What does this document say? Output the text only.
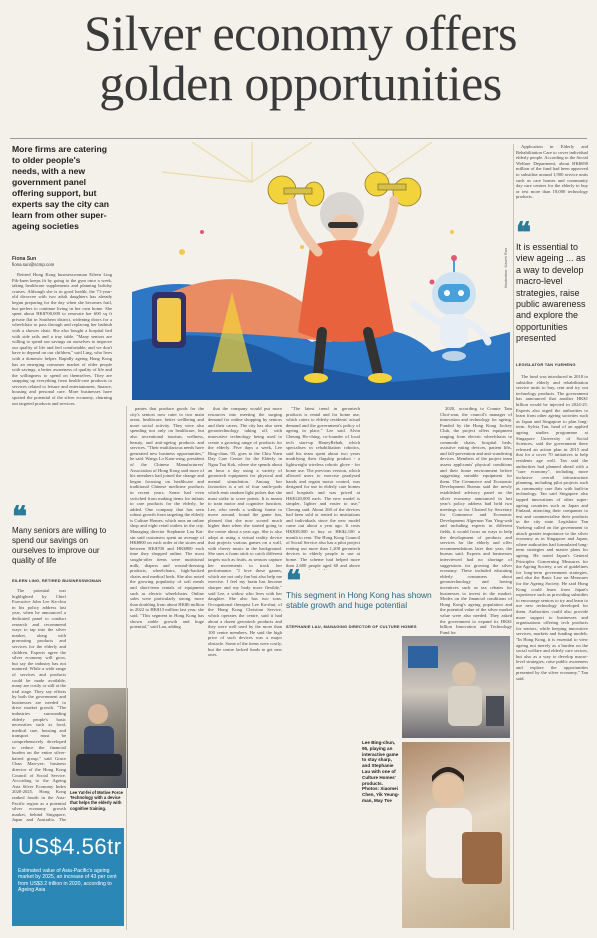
Silver economy offers
golden opportunities
More firms are catering to older people's needs, with a new government panel offering support, but experts say the city can learn from other super-ageing societies
Fiona Sun
fiona.sun@scmp.com

Retired Hong Kong businesswoman Eileen Ling Pik-kuen keeps fit by going to the gym once a week, taking healthcare supplements and planning holiday cruises. Although she is in good health, the 71-year-old divorcee with two adult daughters has already begun preparing for the day when she becomes frail, but prefers to continue living in her own home. She spent about HK$700,000 to renovate her 600 sq ft private flat in Southern district, widening doors for a wheelchair to pass through and replacing her bathtub with a shower chair. She also bought a hospital bed with side rails and a tray table. "Many seniors are willing to spend our savings on ourselves to improve our quality of life and feel comfortable, and we don't have to depend on our children," said Ling, who lives with a domestic helper. Rapidly ageing Hong Kong has an emerging consumer market of older people with savings, a better awareness of quality of life and the willingness to spend on themselves. They are snapping up everything from health-care products to services related to leisure and entertainment, finance, housing and personal care. More businesses have spotted the potential of the silver economy, churning out targeted products and services.

Illustration: Kaveh Rao

Application in Elderly and Rehabilitation Care to cover individual elderly people. According to the Social Welfare Department, about HK$690 million of the fund had been approved to subsidise around 1,900 service units such as care homes and community day care centres for the elderly to buy or test more than 18,000 technology products.

❝
It is essential to view ageing ... as a way to develop macro-level strategies, raise public awareness and explore the opportunities presented
LEGISLATOR TAN YUEHENG

The fund was introduced in 2018 to subsidise elderly and rehabilitation service units to buy, rent and try out technology products. The government has announced that another HK$1 billion would be injected in 2024-25. Experts also urged the authorities to learn from other ageing societies such as Japan and Singapore to plan long-term. Sylvia Tan, head of an applied ageing studies programme at Singapore University of Social Sciences, said the government there released an action plan in 2015 and that for a cover 70 initiatives to help residents age well. Tan said the authorities had planned ahead with a "care economy", including more inclusive overall infrastructure planning, including pilot projects such as community care flats with built-in technology. Tan said Singapore also tapped innovations of other super-ageing countries such as Japan and Finland, attracting their companies to test and commercialise their products in the city state. Legislator Tan Yueheng called on the government to attach greater importance to the silver economy as in Singapore and Japan, where authorities had formulated long-term strategies and master plans for ageing. He noted Japan's General Principles Concerning Measures for the Ageing Society, a set of guidelines for long-term government strategies, and also the Basic Law on Measures for the Ageing Society. He said Hong Kong could learn from Japan's experience such as providing subsidies to encourage seniors to try and learn to use new technology developed for them. Authorities could also provide more support to businesses and organisations offering tech products for seniors, while keeping innovative services, markets and funding models. "In Hong Kong, it is essential to view ageing not merely as a burden on the social welfare and elderly care sectors, but also as a way to develop macro-level strategies, raise public awareness and explore the opportunities presented by the silver economy," Tan said.

❝
Many seniors are willing to spend our savings on ourselves to improve our quality of life
EILEEN LING, RETIRED BUSINESSWOMAN

The potential was highlighted by Chief Executive John Lee Ka-chiu in his policy address last year, when he announced a dedicated panel to conduct research and recommend ways to tap into the silver market, along with promoting products and services for the elderly and children. Experts agree the silver economy will grow, but say the industry has not matured. While a wide range of services and products could be made available, many are costly or still at the trial stage. They say efforts by both the government and businesses are needed to drive market growth. "The industries surrounding elderly people's basic necessities such as food, medical care, housing and transport must be comprehensively developed to reduce the financial burden on the entire silver-haired group," said Grace Chan Man-yee, business director of the Hong Kong Council of Social Service. According to the Ageing Asia Silver Economy Index 2020-2025, Hong Kong ranked fourth in the Asia-Pacific region as a potential silver economy growth market, behind Singapore, Japan and Australia. The

Lee Yat-fei of Motive Force Technology with a device that helps the elderly with cognitive training.
US$4.56tr
Estimated value of Asia-Pacific's ageing market by 2025, an increase of 43 per cent from US$3.2 trillion in 2020, according to Ageing Asia

panies that produce goods for the city's seniors now cater to two main areas, healthcare, better wellbeing and more social activity. They were also spending not only on healthcare, but also recreational tourism, wellness, beauty, and anti-ageing products and services. "Their multifarious needs have generated new business opportunities," he said. Wangs Lo Kam-wing, president of the Chinese Manufacturers' Association of Hong Kong said more of his members had joined the change and began focusing on healthcare and traditional Chinese medicine products in recent years. Some had even switched from making items for infants to care products for the elderly, he added. One company that has seen robust growth from targeting the elderly is Culture Homes, which runs an online shop and eight retail outlets in the city. Managing director Stephanie Lau Kai-sin said customers spent an average of HK$800 on each order at the stores and between HK$700 and HK$800 each time they shopped online. The most sought-after items were nutritional milk, diapers and wound-dressing products, wheelchairs, high-backed chairs and medical beds. She also noted the growing popularity of soft meals and short-term rentals of equipment such as electric wheelchairs. Online sales were particularly strong, more than doubling from about HK$6 million in 2022 to HK$13 million last year, she said. "This segment in Hong Kong has shown stable growth and huge potential," said Lau, adding

that the company would put more resources into meeting the surging demand for online shopping by seniors and their carers. The city has also seen gerontechnology taking off, with innovative technology being used to create a growing range of products for the elderly. Five days a week, Lee Bing-chun, 95, goes to the Chiu Yuen Day Care Centre for the Elderly in Ngau Tau Kok, where she spends about an hour a day using a variety of gerontech equipment for physical and mental stimulation. Among her favourites is a set of four smile-pods which emit random light pulses that she must strike to score points. It is meant to train motor and cognitive function. Lee, who needs a walking frame to move around, found the game fun, pleased that she now scored much higher than when she started going to the centre about a year ago. She is also adept at using a virtual reality device that projects various games on a wall, with cheery music in the background. She uses a foam stick to catch different targets such as fruits, as sensors capture her movements to track her performance. "I love these games, which are not only fun but also help me exercise. I feel my brain has become sharper and my body more flexible," said Lee, a widow who lives with her daughter. She also has two sons. Occupational therapist Lee Ka-shui, of the Hong Kong Christian Service, which operates the centre, said it had about a dozen gerontech products and they were well used by the more than 100 centre members. He said the high price of such devices was a major obstacle. Some of the items were costly, but the centre lacked funds to get new ones.

"The latest trend in gerontech products is rental and for home use, which caters to elderly residents' actual demand and the government's policy of ageing in place," Lee said. Alvin Cheung Ho-ching, co-founder of local tech start-up HoneyRehab, which specialises in rehabilitation robotics, said his team spent about two years modifying their flagship product - a lightweight wireless robotic glove - for home use. The previous version, which allowed users to exercise paralysed hands and regain motor control, was designed for use in elderly care homes and hospitals and was priced at HK$120,000 each. The new model is simpler, lighter and easier to use," Cheung said. About 260 of the devices had been sold or rented to institutions and individuals since the new model came out about a year ago. It costs HK$38,000 to buy or HK$2,100 a month to rent. The Hong Kong Council of Social Service also has a pilot project renting out more than 1,200 gerontech devices to elderly people to use at home. The scheme had helped more than 2,600 people aged 60 and above

❝
This segment in Hong Kong has shown stable growth and huge potential
STEPHANIE LAU, MANAGING DIRECTOR OF CULTURE HOMES
Lee Bing-chun, 95, playing an interactive game to stay sharp, and Stephanie Lau with one of Culture Homes' products. Photos: Xiaomei Chen, Yik Yeung-man, May Tse

2020, according to Connie Tam Choi-wan, the council's manager of innovation and technology for ageing. Funded by the Hong Kong Jockey Club, the project offers equipment ranging from electric wheelchairs to commode chairs, hospital beds, assistive eating devices, patient lifts, and fall-prevention and anti-wandering devices. Members of the project team assess applicants' physical conditions and their home environment before suggesting suitable equipment for them. The Commerce and Economic Development Bureau said the newly established advisory panel on the silver economy announced in last year's policy address had held two meetings so far. Chaired by Secretary for Commerce and Economic Development Algernon Yau Ying-wah and including experts in different fields, it would focus on ways to help the development of products and services for the elderly and offer recommendations later that year, the bureau said. Experts and businesses interviewed had no shortage of suggestions for growing the silver economy. These included educating elderly consumers about gerontechnology and having incentives such as tax rebates for businesses to invest in the market. Modes on the financial conditions of Hong Kong's ageing population and the potential value of the silver market value were also needed. They asked the government to expand its HK$1 billion Innovation and Technology Fund for
